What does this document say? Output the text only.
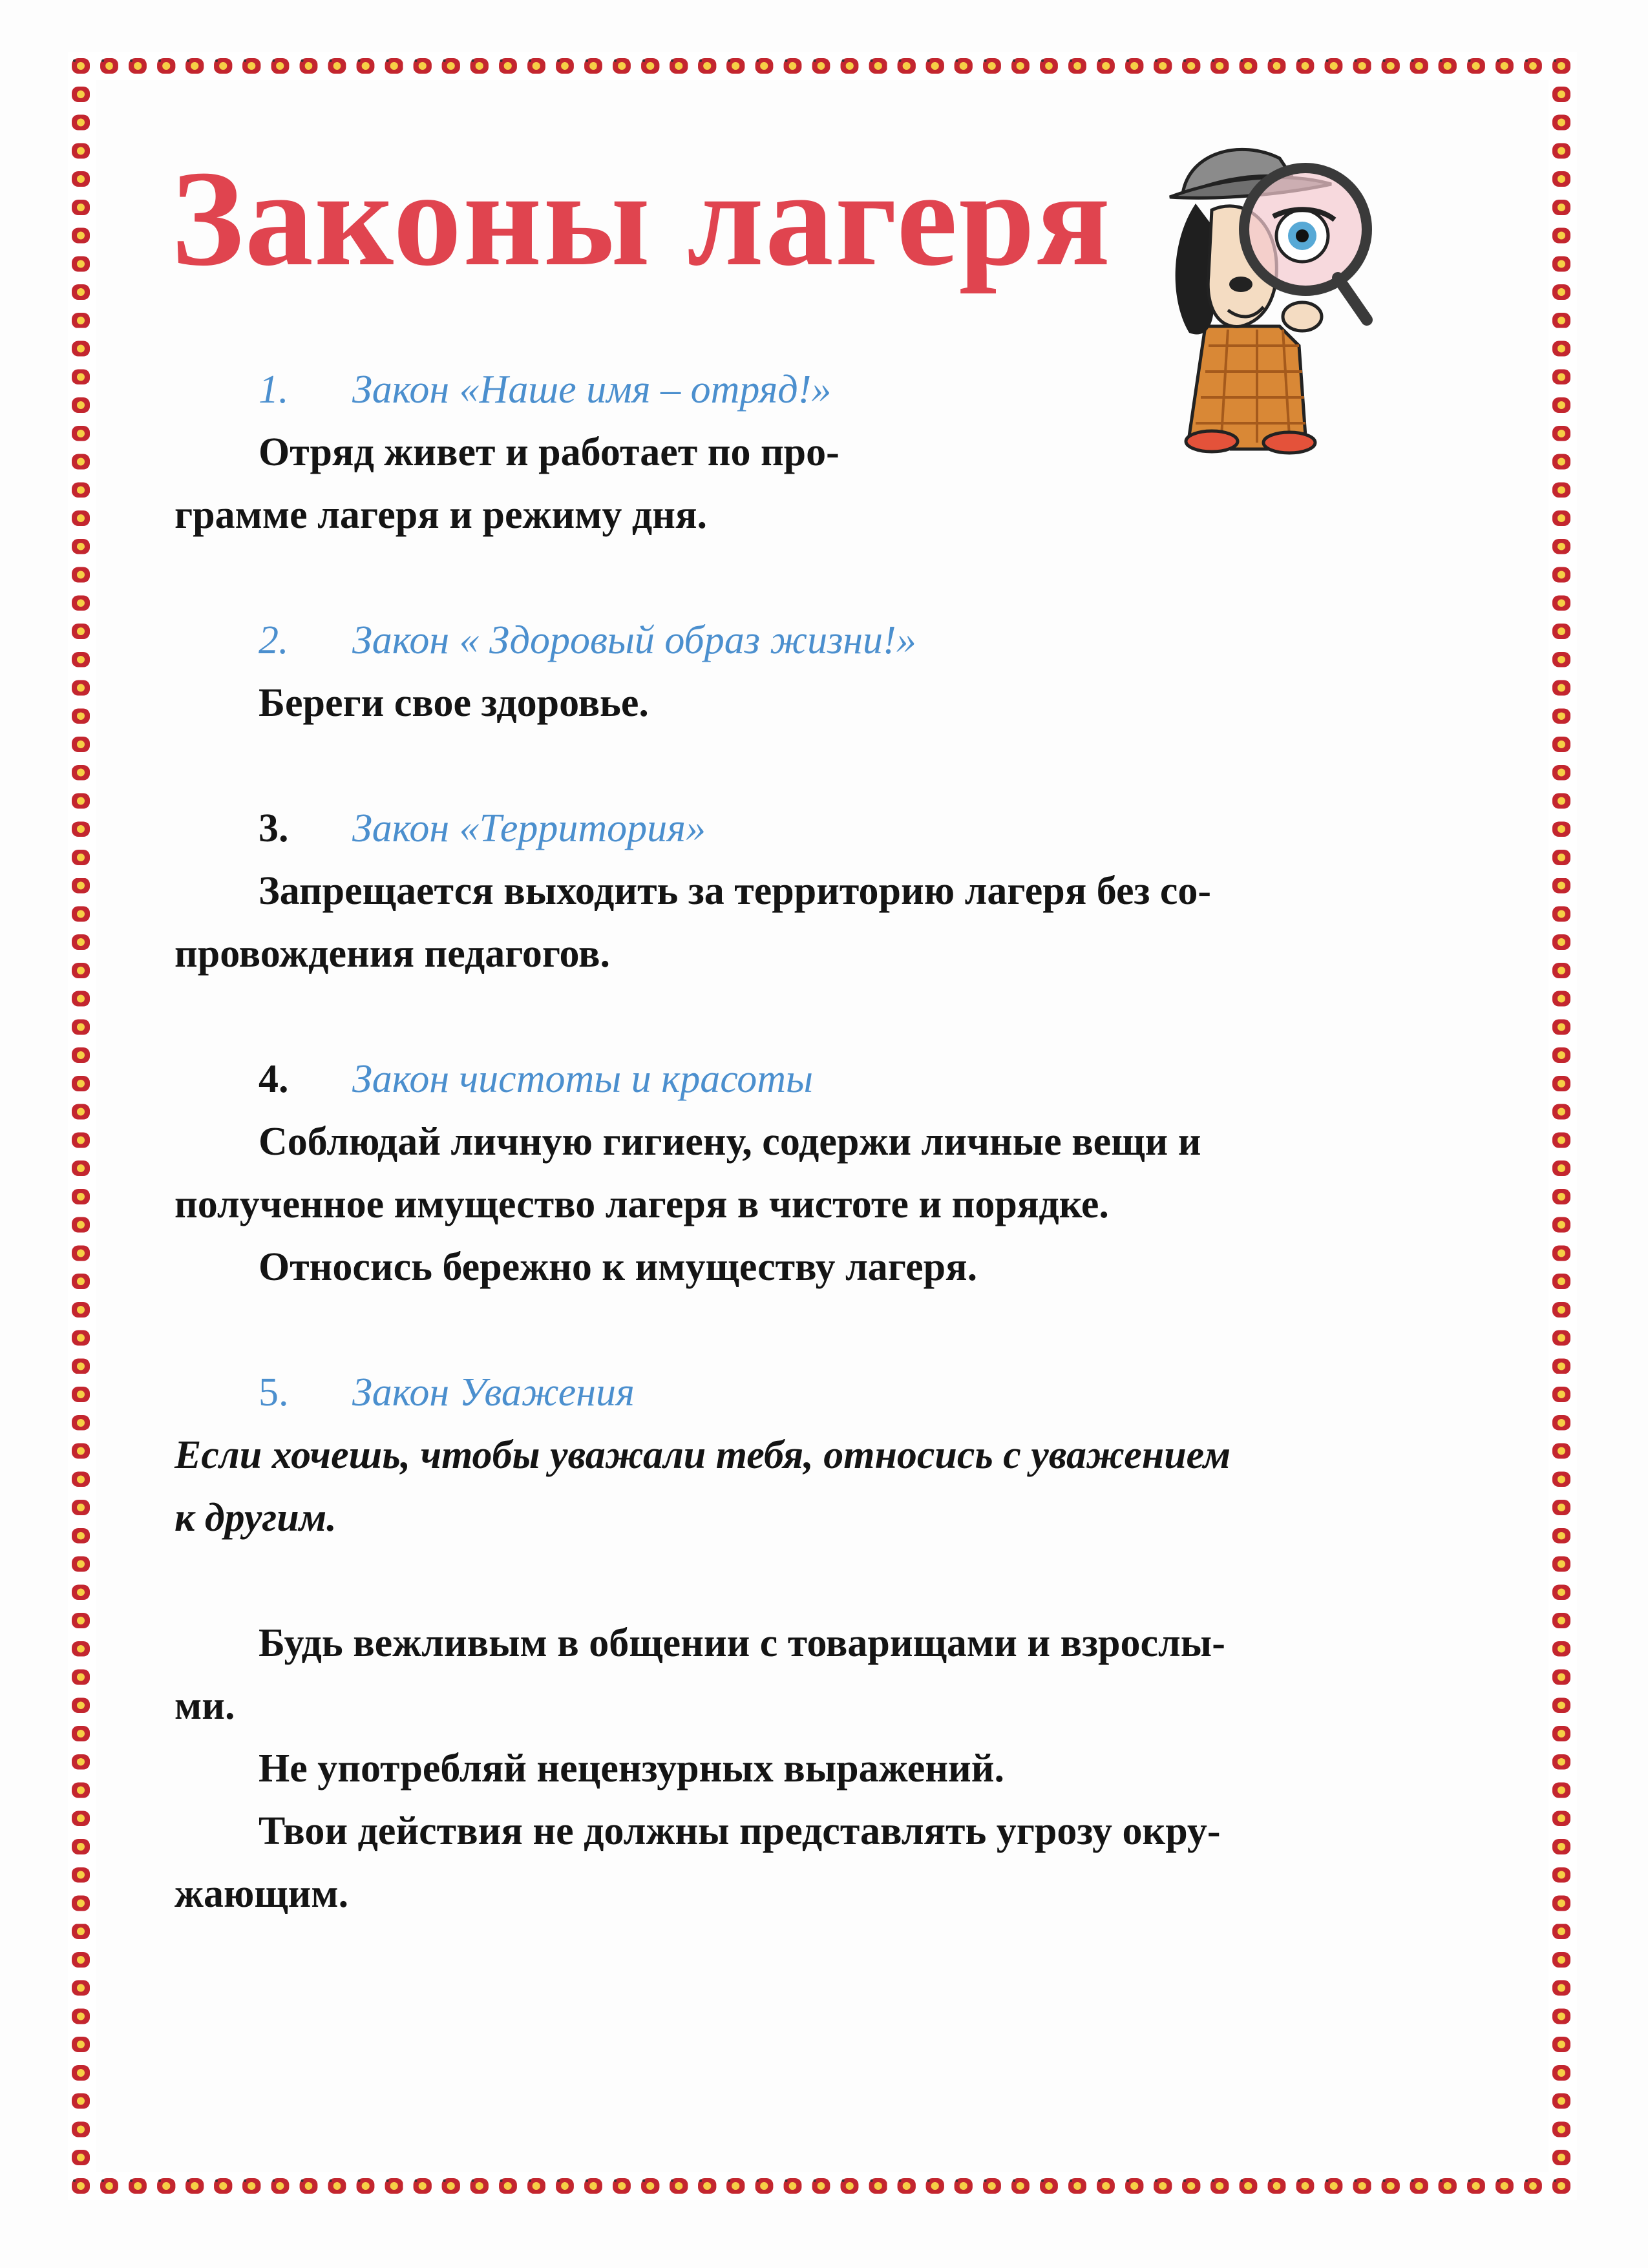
Законы лагеря
1. Закон «Наше имя – отряд!»

Отряд живет и работает по про-

грамме лагеря и режиму дня.

2. Закон « Здоровый образ жизни!»

Береги свое здоровье.

3. Закон «Территория»

Запрещается выходить за территорию лагеря без со-

провождения педагогов.

4. Закон чистоты и красоты

Соблюдай личную гигиену, содержи личные вещи и

полученное имущество лагеря в чистоте и порядке.

Относись бережно к имуществу лагеря.

5. Закон Уважения

Если хочешь, чтобы уважали тебя, относись с уважением

к другим.

Будь вежливым в общении с товарищами и взрослы-

ми.

Не употребляй нецензурных выражений.

Твои действия не должны представлять угрозу окру-

жающим.
